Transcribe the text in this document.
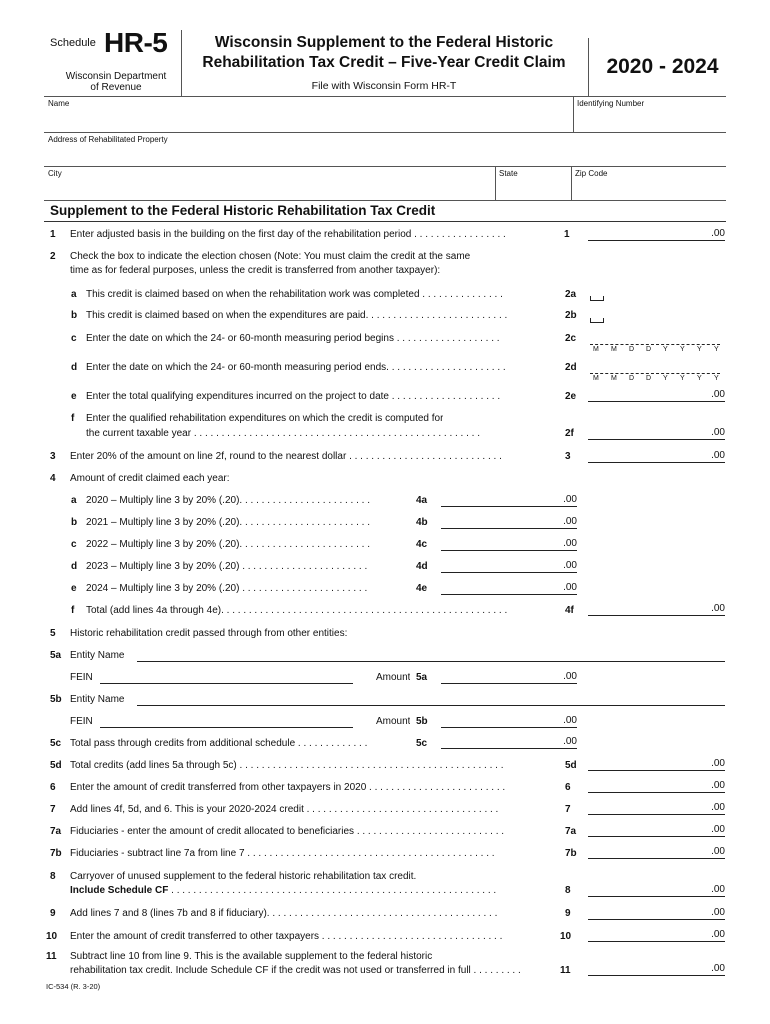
Schedule HR-5
Wisconsin Department
of Revenue
Wisconsin Supplement to the Federal Historic
Rehabilitation Tax Credit – Five-Year Credit Claim
File with Wisconsin Form HR-T
2020 - 2024
Name	Identifying Number
Address of Rehabilitated Property
City	State	Zip Code
Supplement to the Federal Historic Rehabilitation Tax Credit
1 Enter adjusted basis in the building on the first day of the rehabilitation period . . . . . . . . . . . . . . . . .	1	.00
2 Check the box to indicate the election chosen (Note: You must claim the credit at the same
time as for federal purposes, unless the credit is transferred from another taxpayer):
a This credit is claimed based on when the rehabilitation work was completed . . . . . . . . . . . . . . .	2a
b This credit is claimed based on when the expenditures are paid. . . . . . . . . . . . . . . . . . . . . . . . . .	2b
c Enter the date on which the 24- or 60-month measuring period begins . . . . . . . . . . . . . . . . . . .	2c
M M D D Y Y Y Y
d Enter the date on which the 24- or 60-month measuring period ends. . . . . . . . . . . . . . . . . . . . . .	2d
M M D D Y Y Y Y
e Enter the total qualifying expenditures incurred on the project to date . . . . . . . . . . . . . . . . . . . .	2e	.00
f Enter the qualified rehabilitation expenditures on which the credit is computed for
the current taxable year . . . . . . . . . . . . . . . . . . . . . . . . . . . . . . . . . . . . . . . . . . . . . . . . . . . .	2f	.00
3 Enter 20% of the amount on line 2f, round to the nearest dollar . . . . . . . . . . . . . . . . . . . . . . . . . . . .	3	.00
4 Amount of credit claimed each year:
a 2020 – Multiply line 3 by 20% (.20). . . . . . . . . . . . . . . . . . . . . . . .	4a	.00
b 2021 – Multiply line 3 by 20% (.20). . . . . . . . . . . . . . . . . . . . . . . .	4b	.00
c 2022 – Multiply line 3 by 20% (.20). . . . . . . . . . . . . . . . . . . . . . . .	4c	.00
d 2023 – Multiply line 3 by 20% (.20) . . . . . . . . . . . . . . . . . . . . . . .	4d	.00
e 2024 – Multiply line 3 by 20% (.20) . . . . . . . . . . . . . . . . . . . . . . .	4e	.00
f Total (add lines 4a through 4e). . . . . . . . . . . . . . . . . . . . . . . . . . . . . . . . . . . . . . . . . . . . . . . . . . . .	4f	.00
5 Historic rehabilitation credit passed through from other entities:
5a Entity Name
FEIN	Amount 5a	.00
5b Entity Name
FEIN	Amount 5b	.00
5c Total pass through credits from additional schedule . . . . . . . . . . . . .	5c	.00
5d Total credits (add lines 5a through 5c) . . . . . . . . . . . . . . . . . . . . . . . . . . . . . . . . . . . . . . . . . . . . . . . .	5d	.00
6 Enter the amount of credit transferred from other taxpayers in 2020 . . . . . . . . . . . . . . . . . . . . . . . . .	6	.00
7 Add lines 4f, 5d, and 6. This is your 2020-2024 credit . . . . . . . . . . . . . . . . . . . . . . . . . . . . . . . . . . .	7	.00
7a Fiduciaries - enter the amount of credit allocated to beneficiaries . . . . . . . . . . . . . . . . . . . . . . . . . . .	7a	.00
7b Fiduciaries - subtract line 7a from line 7 . . . . . . . . . . . . . . . . . . . . . . . . . . . . . . . . . . . . . . . . . . . . .	7b	.00
8 Carryover of unused supplement to the federal historic rehabilitation tax credit.
Include Schedule CF . . . . . . . . . . . . . . . . . . . . . . . . . . . . . . . . . . . . . . . . . . . . . . . . . . . . . . . . . . .	8	.00
9 Add lines 7 and 8 (lines 7b and 8 if fiduciary). . . . . . . . . . . . . . . . . . . . . . . . . . . . . . . . . . . . . . . . . .	9	.00
10 Enter the amount of credit transferred to other taxpayers . . . . . . . . . . . . . . . . . . . . . . . . . . . . . . . . .	10	.00
11 Subtract line 10 from line 9. This is the available supplement to the federal historic
rehabilitation tax credit. Include Schedule CF if the credit was not used or transferred in full . . . . . . . . .	11	.00
IC-534 (R. 3-20)
